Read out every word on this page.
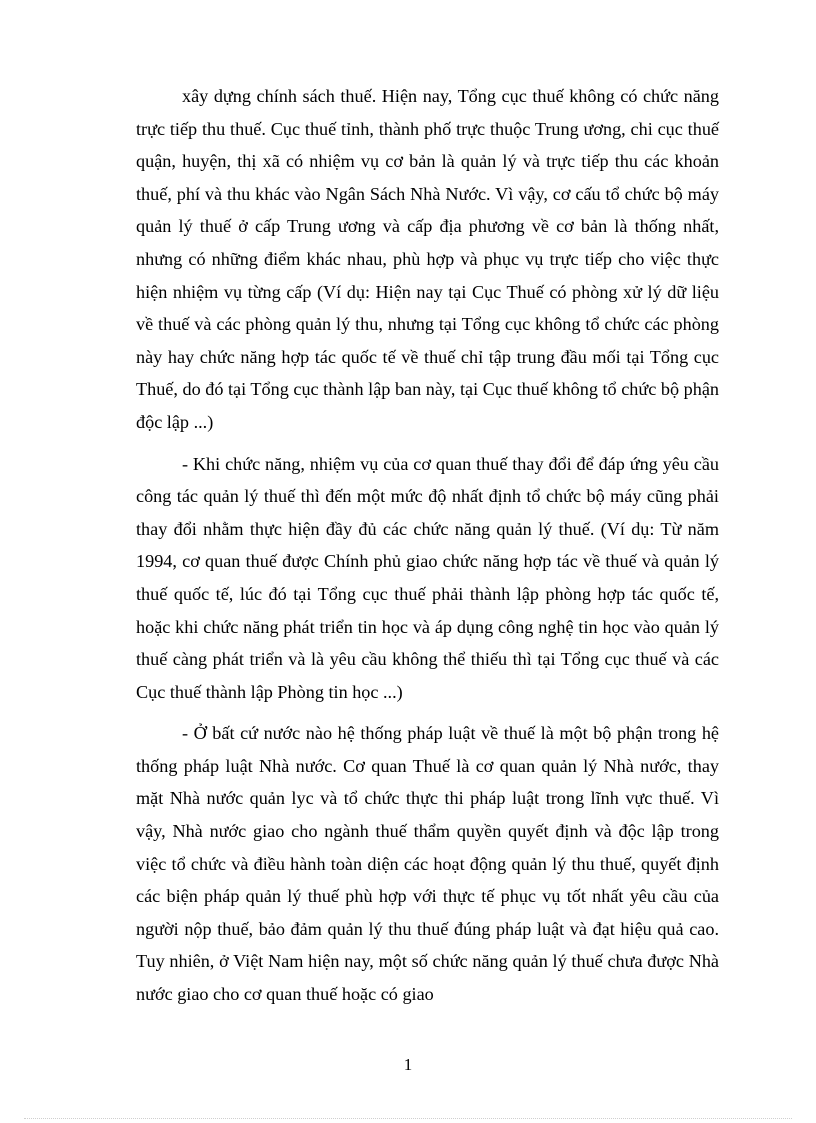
xây dựng chính sách thuế. Hiện nay, Tổng cục thuế không có chức năng trực tiếp thu thuế. Cục thuế tỉnh, thành phố trực thuộc Trung ương, chi cục thuế quận, huyện, thị xã có nhiệm vụ cơ bản là quản lý và trực tiếp thu các khoản thuế, phí và thu khác vào Ngân Sách Nhà Nước. Vì vậy, cơ cấu tổ chức bộ máy quản lý thuế ở cấp Trung ương và cấp địa phương về cơ bản là thống nhất, nhưng có những điểm khác nhau, phù hợp và phục vụ trực tiếp cho việc thực hiện nhiệm vụ từng cấp (Ví dụ: Hiện nay tại Cục Thuế có phòng xử lý dữ liệu về thuế và các phòng quản lý thu, nhưng tại Tổng cục không tổ chức các phòng này hay chức năng hợp tác quốc tế về thuế chỉ tập trung đầu mối tại Tổng cục Thuế, do đó tại Tổng cục thành lập ban này, tại Cục thuế không tổ chức bộ phận độc lập ...)

- Khi chức năng, nhiệm vụ của cơ quan thuế thay đổi để đáp ứng yêu cầu công tác quản lý thuế thì đến một mức độ nhất định tổ chức bộ máy cũng phải thay đổi nhằm thực hiện đầy đủ các chức năng quản lý thuế. (Ví dụ: Từ năm 1994, cơ quan thuế được Chính phủ giao chức năng hợp tác về thuế và quản lý thuế quốc tế, lúc đó tại Tổng cục thuế phải thành lập phòng hợp tác quốc tế, hoặc khi chức năng phát triển tin học và áp dụng công nghệ tin học vào quản lý thuế càng phát triển và là yêu cầu không thể thiếu thì tại Tổng cục thuế và các Cục thuế thành lập Phòng tin học ...)

- Ở bất cứ nước nào hệ thống pháp luật về thuế là một bộ phận trong hệ thống pháp luật Nhà nước. Cơ quan Thuế là cơ quan quản lý Nhà nước, thay mặt Nhà nước quản lyc và tổ chức thực thi pháp luật trong lĩnh vực thuế. Vì vậy, Nhà nước giao cho ngành thuế thẩm quyền quyết định và độc lập trong việc tổ chức và điều hành toàn diện các hoạt động quản lý thu thuế, quyết định các biện pháp quản lý thuế phù hợp với thực tế phục vụ tốt nhất yêu cầu của người nộp thuế, bảo đảm quản lý thu thuế đúng pháp luật và đạt hiệu quả cao. Tuy nhiên, ở Việt Nam hiện nay, một số chức năng quản lý thuế chưa được Nhà nước giao cho cơ quan thuế hoặc có giao

1
